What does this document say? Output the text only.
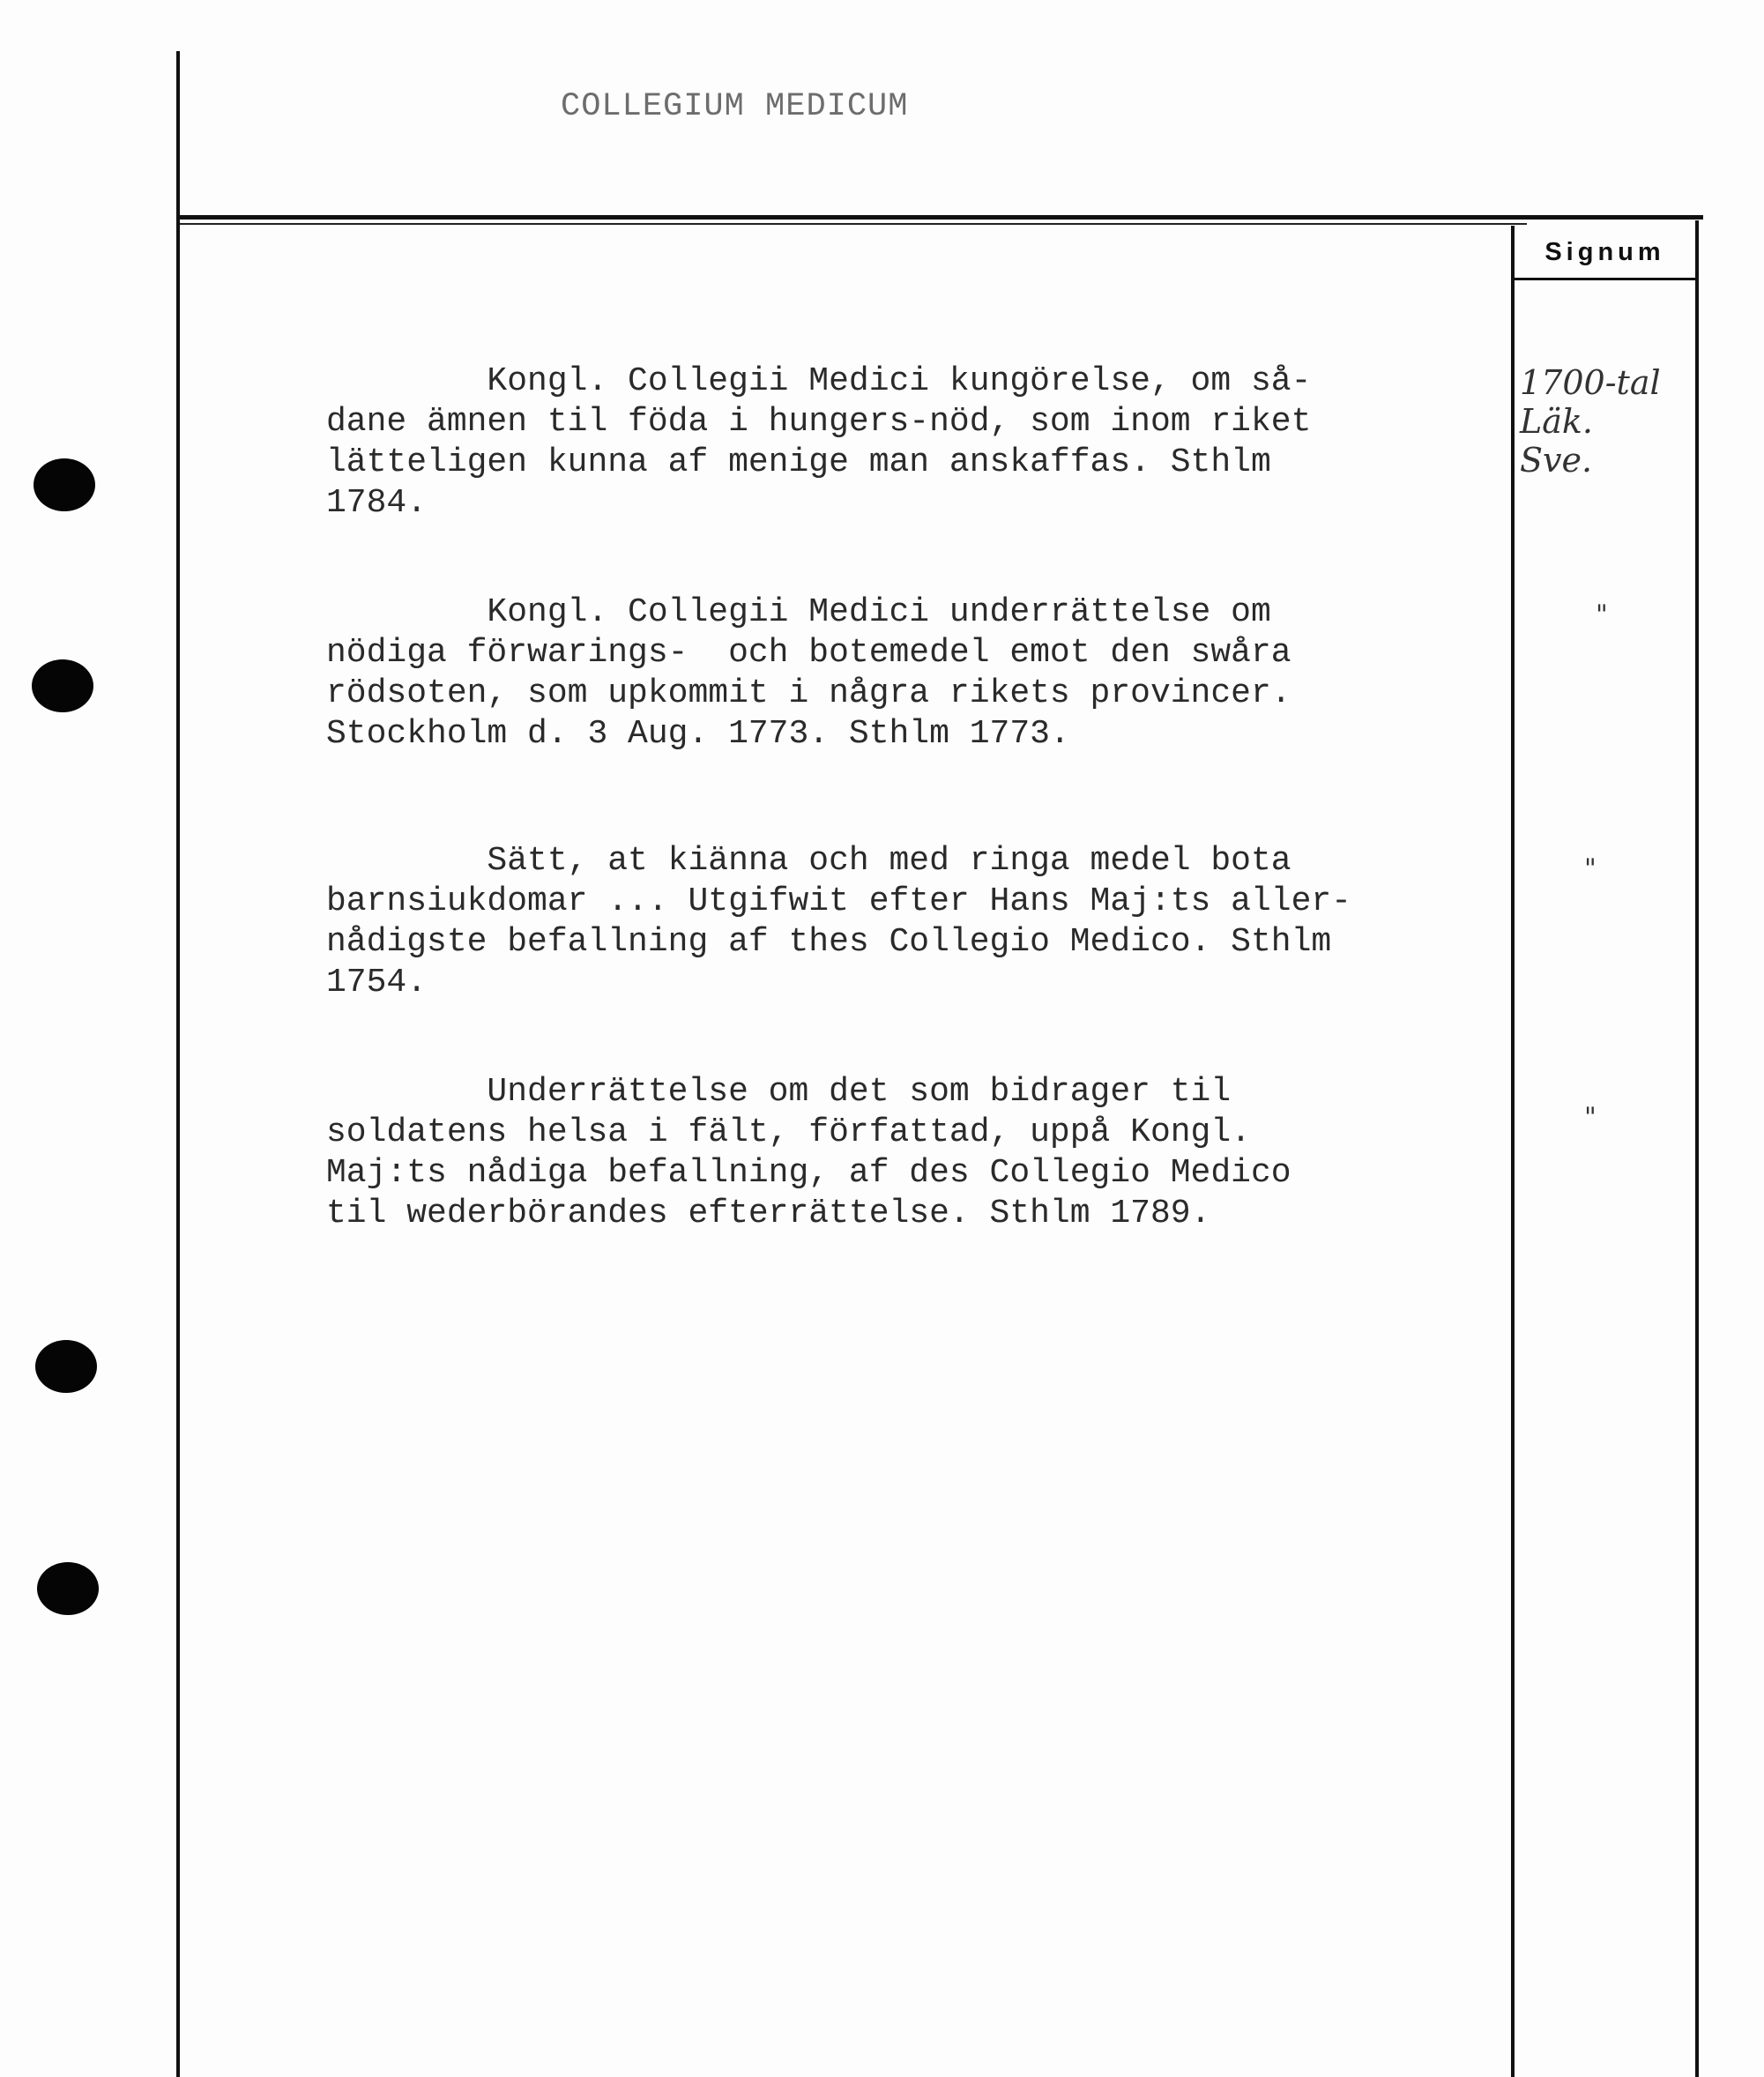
COLLEGIUM MEDICUM
Signum
Kongl. Collegii Medici kungörelse, om så-
dane ämnen til föda i hungers-nöd, som inom riket
lätteligen kunna af menige man anskaffas. Sthlm
1784.
Kongl. Collegii Medici underrättelse om
nödiga förwarings-  och botemedel emot den swåra
rödsoten, som upkommit i några rikets provincer.
Stockholm d. 3 Aug. 1773. Sthlm 1773.
Sätt, at kiänna och med ringa medel bota
barnsiukdomar ... Utgifwit efter Hans Maj:ts aller-
nådigste befallning af thes Collegio Medico. Sthlm
1754.
Underrättelse om det som bidrager til
soldatens helsa i fält, författad, uppå Kongl.
Maj:ts nådiga befallning, af des Collegio Medico
til wederbörandes efterrättelse. Sthlm 1789.
1700-tal
Läk.
Sve.
"
"
"
